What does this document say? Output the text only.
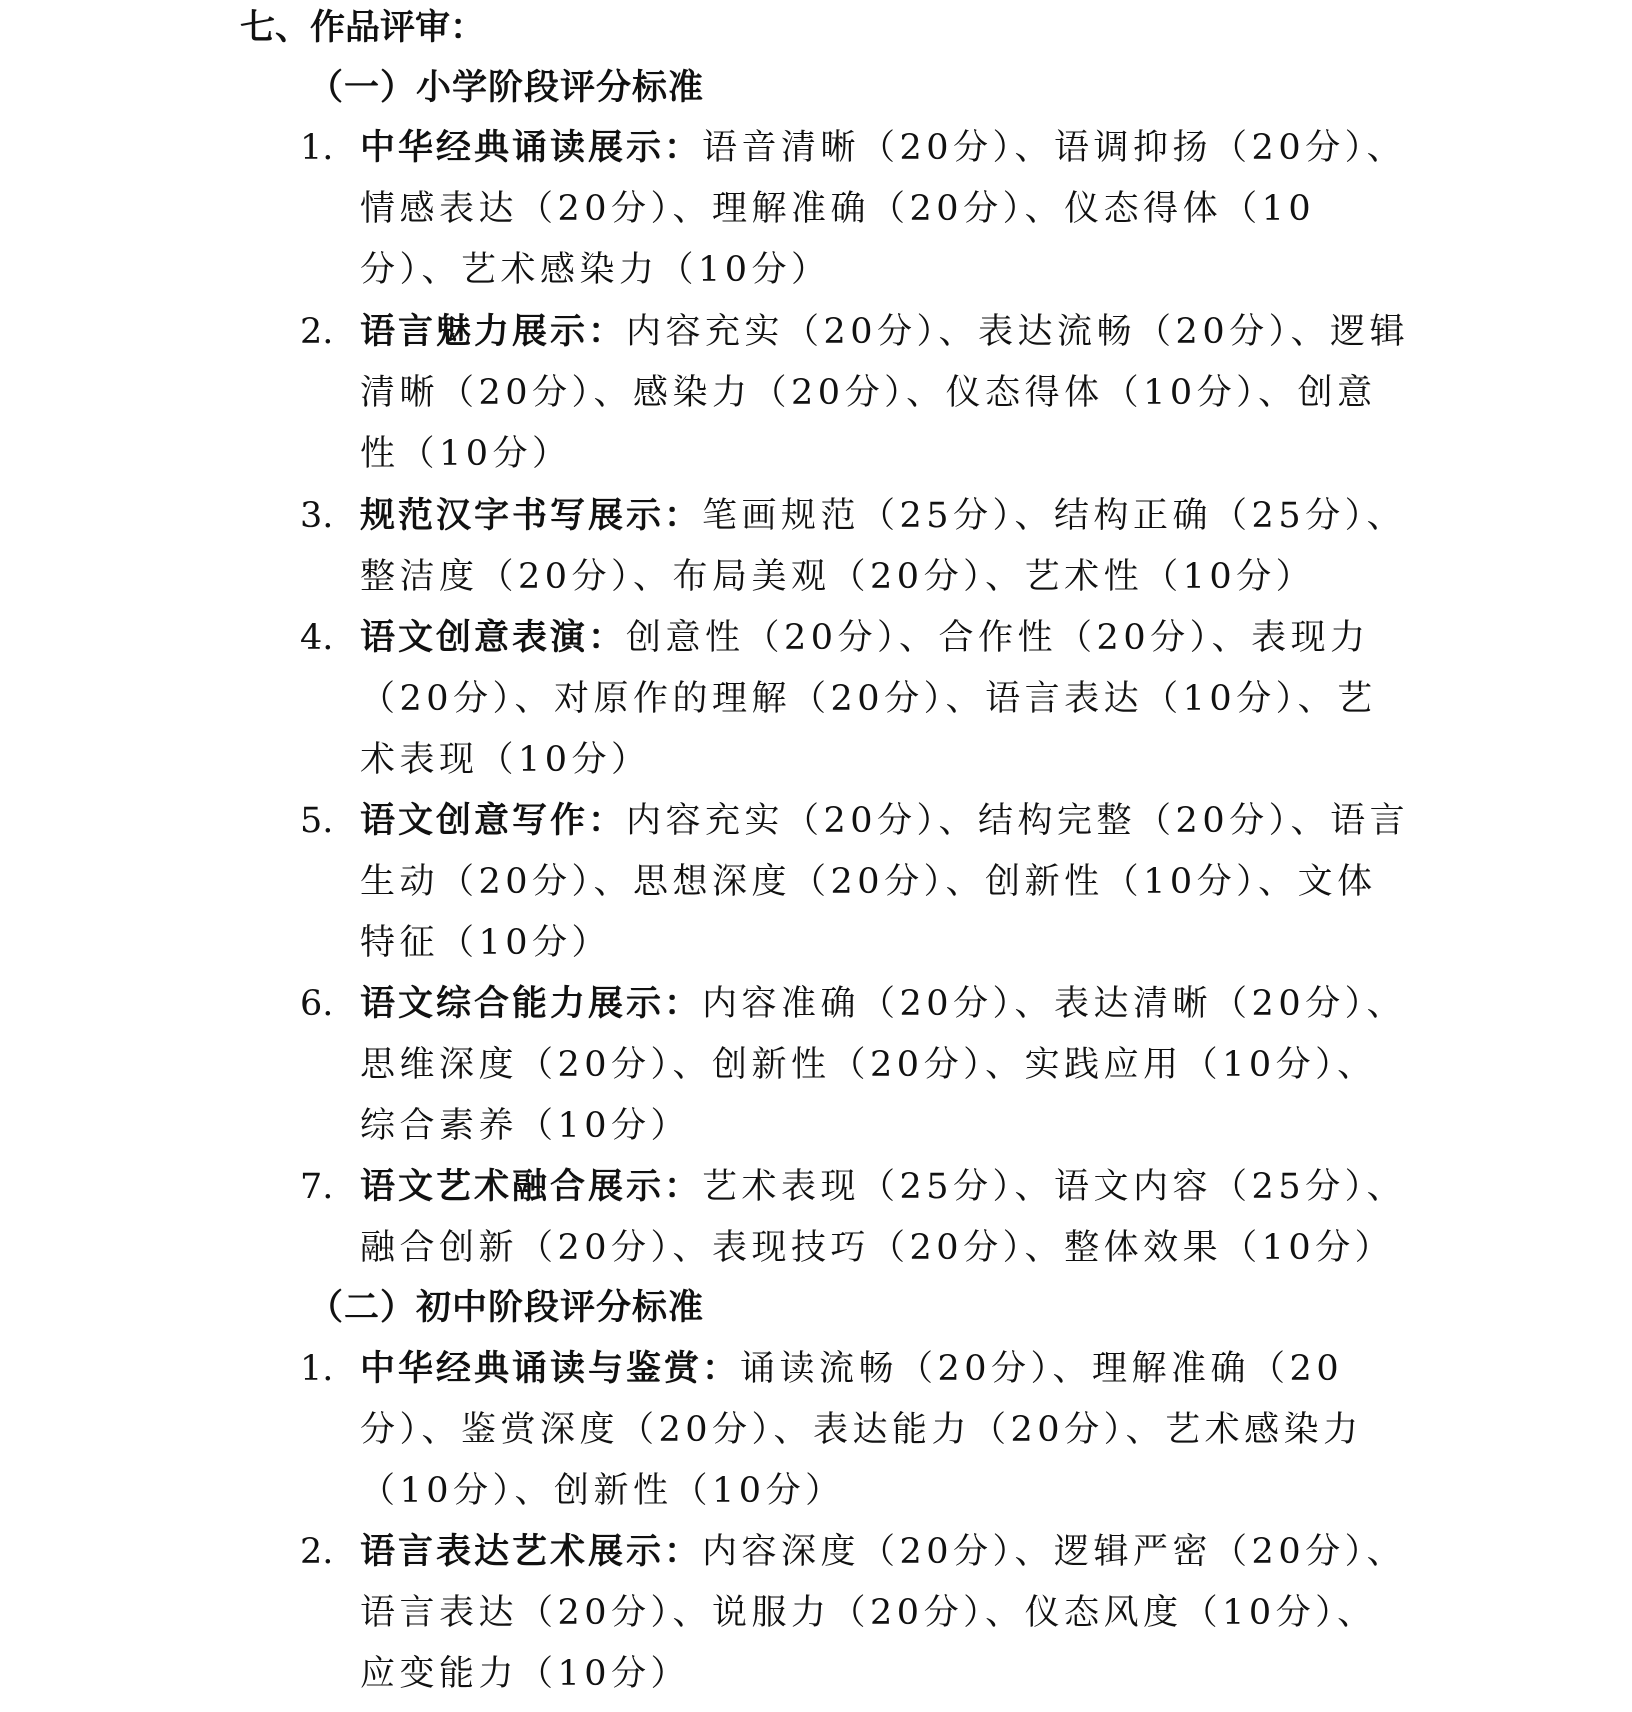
七、作品评审：
（一）小学阶段评分标准
1. 中华经典诵读展示：语音清晰（20分）、语调抑扬（20分）、情感表达（20分）、理解准确（20分）、仪态得体（10分）、艺术感染力（10分）

2. 语言魅力展示：内容充实（20分）、表达流畅（20分）、逻辑清晰（20分）、感染力（20分）、仪态得体（10分）、创意性（10分）

3. 规范汉字书写展示：笔画规范（25分）、结构正确（25分）、整洁度（20分）、布局美观（20分）、艺术性（10分）

4. 语文创意表演：创意性（20分）、合作性（20分）、表现力（20分）、对原作的理解（20分）、语言表达（10分）、艺术表现（10分）

5. 语文创意写作：内容充实（20分）、结构完整（20分）、语言生动（20分）、思想深度（20分）、创新性（10分）、文体特征（10分）

6. 语文综合能力展示：内容准确（20分）、表达清晰（20分）、思维深度（20分）、创新性（20分）、实践应用（10分）、综合素养（10分）

7. 语文艺术融合展示：艺术表现（25分）、语文内容（25分）、融合创新（20分）、表现技巧（20分）、整体效果（10分）

（二）初中阶段评分标准
1. 中华经典诵读与鉴赏：诵读流畅（20分）、理解准确（20分）、鉴赏深度（20分）、表达能力（20分）、艺术感染力（10分）、创新性（10分）

2. 语言表达艺术展示：内容深度（20分）、逻辑严密（20分）、语言表达（20分）、说服力（20分）、仪态风度（10分）、应变能力（10分）
